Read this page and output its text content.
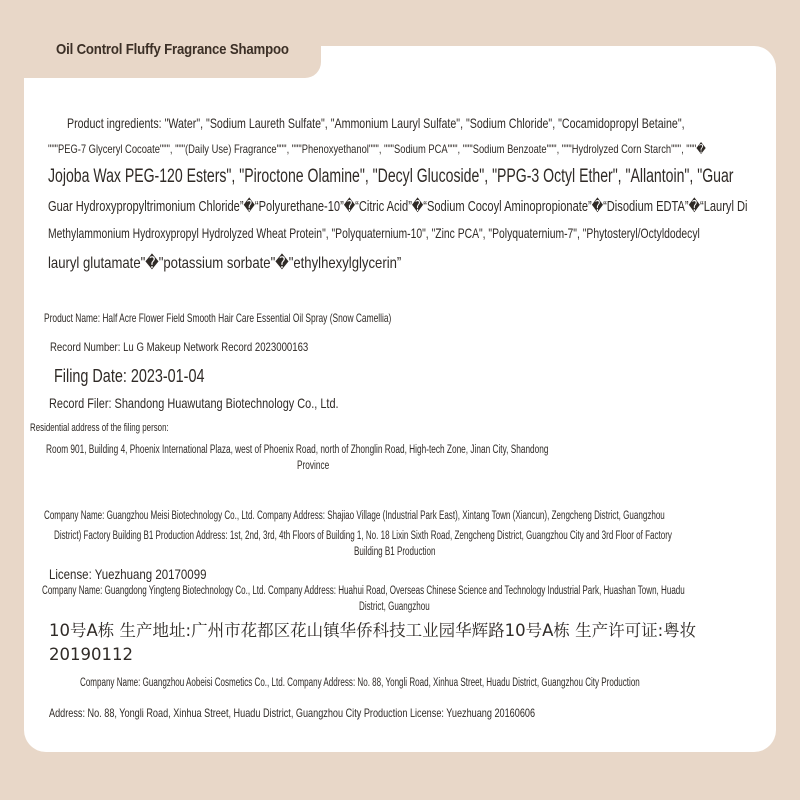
Oil Control Fluffy Fragrance Shampoo
Product ingredients: "Water", "Sodium Laureth Sulfate", "Ammonium Lauryl Sulfate", "Sodium Chloride", "Cocamidopropyl Betaine",
"""PEG-7 Glyceryl Cocoate""", """(Daily Use) Fragrance""", """Phenoxyethanol""", """Sodium PCA""", """Sodium Benzoate""", """Hydrolyzed Corn Starch""", """�
Jojoba Wax PEG-120 Esters", "Piroctone Olamine", "Decyl Glucoside", "PPG-3 Octyl Ether", "Allantoin", "Guar
Guar Hydroxypropyltrimonium Chloride”�“Polyurethane-10”�“Citric Acid”�“Sodium Cocoyl Aminopropionate”�“Disodium EDTA”�“Lauryl Di
Methylammonium Hydroxypropyl Hydrolyzed Wheat Protein", "Polyquaternium-10", "Zinc PCA", "Polyquaternium-7", "Phytosteryl/Octyldodecyl
lauryl glutamate"�"potassium sorbate"�"ethylhexylglycerin”
Product Name: Half Acre Flower Field Smooth Hair Care Essential Oil Spray (Snow Camellia)
Record Number: Lu G Makeup Network Record 2023000163
Filing Date: 2023-01-04
Record Filer: Shandong Huawutang Biotechnology Co., Ltd.
Residential address of the filing person:
Room 901, Building 4, Phoenix International Plaza, west of Phoenix Road, north of Zhonglin Road, High-tech Zone, Jinan City, Shandong
Province
Company Name: Guangzhou Meisi Biotechnology Co., Ltd. Company Address: Shajiao Village (Industrial Park East), Xintang Town (Xiancun), Zengcheng District, Guangzhou
District) Factory Building B1 Production Address: 1st, 2nd, 3rd, 4th Floors of Building 1, No. 18 Lixin Sixth Road, Zengcheng District, Guangzhou City and 3rd Floor of Factory
Building B1 Production
License: Yuezhuang 20170099
Company Name: Guangdong Yingteng Biotechnology Co., Ltd. Company Address: Huahui Road, Overseas Chinese Science and Technology Industrial Park, Huashan Town, Huadu
District, Guangzhou
10号A栋 生产地址:广州市花都区花山镇华侨科技工业园华辉路10号A栋 生产许可证:粤妆
20190112
Company Name: Guangzhou Aobeisi Cosmetics Co., Ltd. Company Address: No. 88, Yongli Road, Xinhua Street, Huadu District, Guangzhou City Production
Address: No. 88, Yongli Road, Xinhua Street, Huadu District, Guangzhou City Production License: Yuezhuang 20160606
